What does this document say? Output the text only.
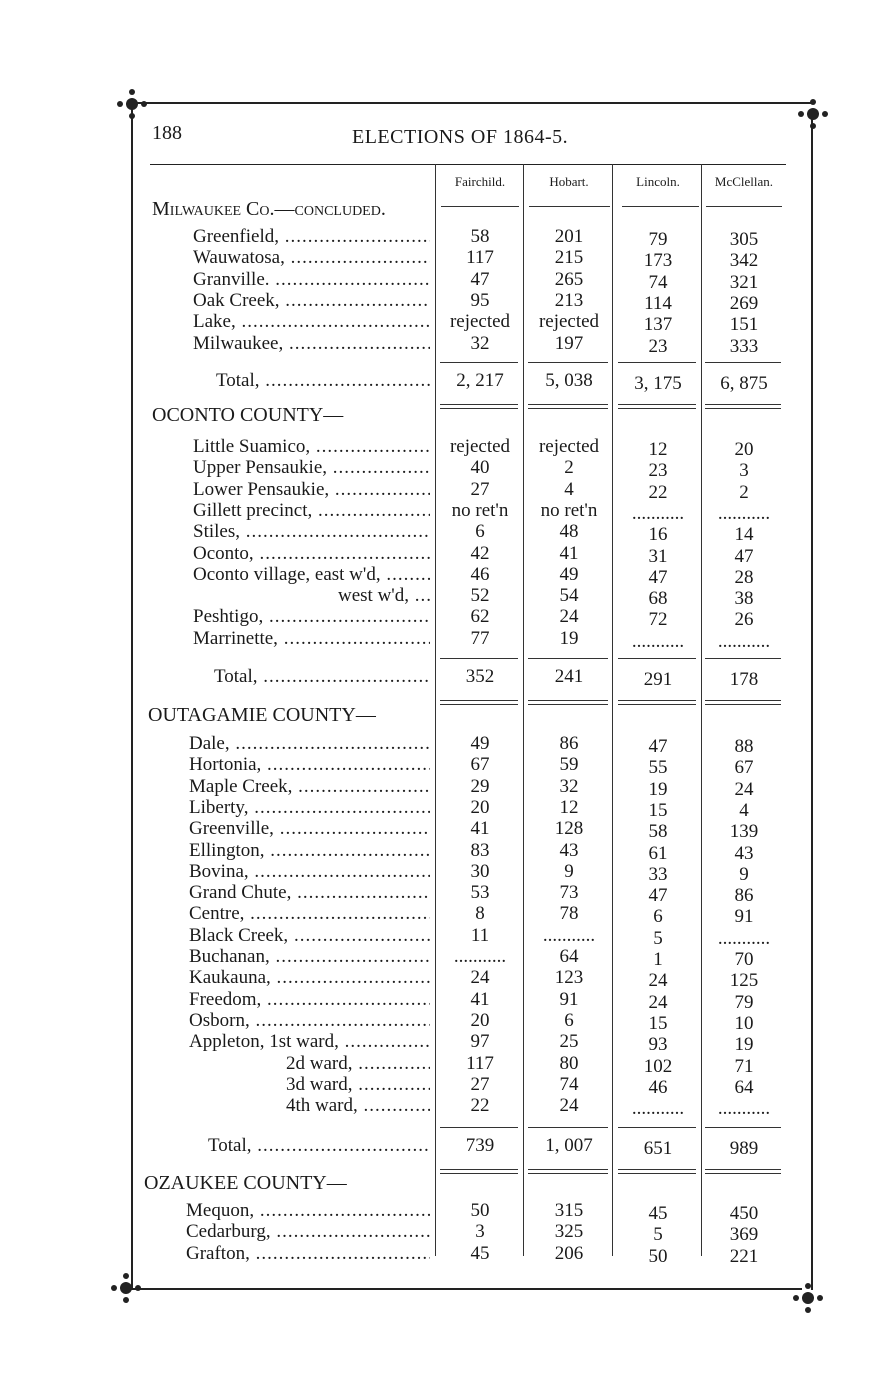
188	ELECTIONS OF 1864-5.
Fairchild.	Hobart.	Lincoln.	McClellan.
Milwaukee Co.—concluded.
Greenfield, .....	58	201	79	305
Wauwatosa, .....	117	215	173	342
Granville. .....	47	265	74	321
Oak Creek, .....	95	213	114	269
Lake, .....	rejected	rejected	137	151
Milwaukee, .....	32	197	23	333
Total, .....	2, 217	5, 038	3, 175	6, 875
OCONTO COUNTY—
Little Suamico, .....	rejected	rejected	12	20
Upper Pensaukie, .....	40	2	23	3
Lower Pensaukie, .....	27	4	22	2
Gillett precinct, .....	no ret'n	no ret'n	...........	...........
Stiles, .....	6	48	16	14
Oconto, .....	42	41	31	47
Oconto village, east w'd, .....	46	49	47	28
west w'd, .....	52	54	68	38
Peshtigo, .....	62	24	72	26
Marrinette, .....	77	19	...........	...........
Total, .....	352	241	291	178
OUTAGAMIE COUNTY—
Dale, .....	49	86	47	88
Hortonia, .....	67	59	55	67
Maple Creek, .....	29	32	19	24
Liberty, .....	20	12	15	4
Greenville, .....	41	128	58	139
Ellington, .....	83	43	61	43
Bovina, .....	30	9	33	9
Grand Chute, .....	53	73	47	86
Centre, .....	8	78	6	91
Black Creek, .....	11	...........	5	...........
Buchanan, .....	...........	64	1	70
Kaukauna, .....	24	123	24	125
Freedom, .....	41	91	24	79
Osborn, .....	20	6	15	10
Appleton, 1st ward, .....	97	25	93	19
2d ward, .....	117	80	102	71
3d ward, .....	27	74	46	64
4th ward, .....	22	24	...........	...........
Total, .....	739	1, 007	651	989
OZAUKEE COUNTY—
Mequon, .....	50	315	45	450
Cedarburg, .....	3	325	5	369
Grafton, .....	45	206	50	221
